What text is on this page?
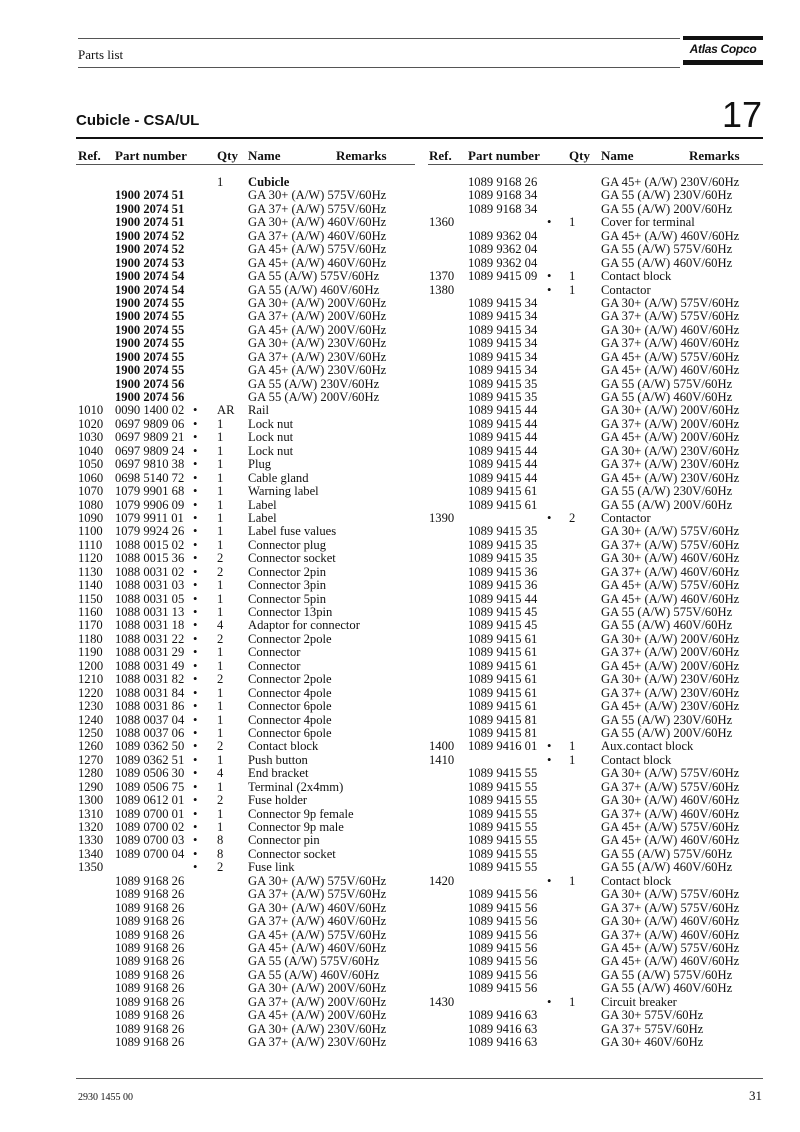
Parts list	Atlas Copco
Cubicle - CSA/UL	17
Ref. Part number Qty Name	Remarks	Ref. Part number Qty Name	Remarks
1 Cubicle
1900 2074 51	GA 30+ (A/W) 575V/60Hz
1900 2074 51	GA 37+ (A/W) 575V/60Hz
1900 2074 51	GA 30+ (A/W) 460V/60Hz
1900 2074 52	GA 37+ (A/W) 460V/60Hz
1900 2074 52	GA 45+ (A/W) 575V/60Hz
1900 2074 53	GA 45+ (A/W) 460V/60Hz
1900 2074 54	GA 55 (A/W) 575V/60Hz
1900 2074 54	GA 55 (A/W) 460V/60Hz
1900 2074 55	GA 30+ (A/W) 200V/60Hz
1900 2074 55	GA 37+ (A/W) 200V/60Hz
1900 2074 55	GA 45+ (A/W) 200V/60Hz
1900 2074 55	GA 30+ (A/W) 230V/60Hz
1900 2074 55	GA 37+ (A/W) 230V/60Hz
1900 2074 55	GA 45+ (A/W) 230V/60Hz
1900 2074 56	GA 55 (A/W) 230V/60Hz
1900 2074 56	GA 55 (A/W) 200V/60Hz
1010 0090 1400 02 • AR Rail
1020 0697 9809 06 • 1 Lock nut
1030 0697 9809 21 • 1 Lock nut
1040 0697 9809 24 • 1 Lock nut
1050 0697 9810 38 • 1 Plug
1060 0698 5140 72 • 1 Cable gland
1070 1079 9901 68 • 1 Warning label
1080 1079 9906 09 • 1 Label
1090 1079 9911 01 • 1 Label
1100 1079 9924 26 • 1 Label fuse values
1110 1088 0015 02 • 1 Connector plug
1120 1088 0015 36 • 2 Connector socket
1130 1088 0031 02 • 2 Connector 2pin
1140 1088 0031 03 • 1 Connector 3pin
1150 1088 0031 05 • 1 Connector 5pin
1160 1088 0031 13 • 1 Connector 13pin
1170 1088 0031 18 • 4 Adaptor for connector
1180 1088 0031 22 • 2 Connector 2pole
1190 1088 0031 29 • 1 Connector
1200 1088 0031 49 • 1 Connector
1210 1088 0031 82 • 2 Connector 2pole
1220 1088 0031 84 • 1 Connector 4pole
1230 1088 0031 86 • 1 Connector 6pole
1240 1088 0037 04 • 1 Connector 4pole
1250 1088 0037 06 • 1 Connector 6pole
1260 1089 0362 50 • 2 Contact block
1270 1089 0362 51 • 1 Push button
1280 1089 0506 30 • 4 End bracket
1290 1089 0506 75 • 1 Terminal (2x4mm)
1300 1089 0612 01 • 2 Fuse holder
1310 1089 0700 01 • 1 Connector 9p female
1320 1089 0700 02 • 1 Connector 9p male
1330 1089 0700 03 • 8 Connector pin
1340 1089 0700 04 • 8 Connector socket
1350	• 2 Fuse link
1089 9168 26	GA 30+ (A/W) 575V/60Hz
1089 9168 26	GA 37+ (A/W) 575V/60Hz
1089 9168 26	GA 30+ (A/W) 460V/60Hz
1089 9168 26	GA 37+ (A/W) 460V/60Hz
1089 9168 26	GA 45+ (A/W) 575V/60Hz
1089 9168 26	GA 45+ (A/W) 460V/60Hz
1089 9168 26	GA 55 (A/W) 575V/60Hz
1089 9168 26	GA 55 (A/W) 460V/60Hz
1089 9168 26	GA 30+ (A/W) 200V/60Hz
1089 9168 26	GA 37+ (A/W) 200V/60Hz
1089 9168 26	GA 45+ (A/W) 200V/60Hz
1089 9168 26	GA 30+ (A/W) 230V/60Hz
1089 9168 26	GA 37+ (A/W) 230V/60Hz
1089 9168 26	GA 45+ (A/W) 230V/60Hz
1089 9168 34	GA 55 (A/W) 230V/60Hz
1089 9168 34	GA 55 (A/W) 200V/60Hz
1360	• 1 Cover for terminal
1089 9362 04	GA 45+ (A/W) 460V/60Hz
1089 9362 04	GA 55 (A/W) 575V/60Hz
1089 9362 04	GA 55 (A/W) 460V/60Hz
1370 1089 9415 09 • 1 Contact block
1380	• 1 Contactor
1089 9415 34	GA 30+ (A/W) 575V/60Hz
1089 9415 34	GA 37+ (A/W) 575V/60Hz
1089 9415 34	GA 30+ (A/W) 460V/60Hz
1089 9415 34	GA 37+ (A/W) 460V/60Hz
1089 9415 34	GA 45+ (A/W) 575V/60Hz
1089 9415 34	GA 45+ (A/W) 460V/60Hz
1089 9415 35	GA 55 (A/W) 575V/60Hz
1089 9415 35	GA 55 (A/W) 460V/60Hz
1089 9415 44	GA 30+ (A/W) 200V/60Hz
1089 9415 44	GA 37+ (A/W) 200V/60Hz
1089 9415 44	GA 45+ (A/W) 200V/60Hz
1089 9415 44	GA 30+ (A/W) 230V/60Hz
1089 9415 44	GA 37+ (A/W) 230V/60Hz
1089 9415 44	GA 45+ (A/W) 230V/60Hz
1089 9415 61	GA 55 (A/W) 230V/60Hz
1089 9415 61	GA 55 (A/W) 200V/60Hz
1390	• 2 Contactor
1089 9415 35	GA 30+ (A/W) 575V/60Hz
1089 9415 35	GA 37+ (A/W) 575V/60Hz
1089 9415 35	GA 30+ (A/W) 460V/60Hz
1089 9415 36	GA 37+ (A/W) 460V/60Hz
1089 9415 36	GA 45+ (A/W) 575V/60Hz
1089 9415 44	GA 45+ (A/W) 460V/60Hz
1089 9415 45	GA 55 (A/W) 575V/60Hz
1089 9415 45	GA 55 (A/W) 460V/60Hz
1089 9415 61	GA 30+ (A/W) 200V/60Hz
1089 9415 61	GA 37+ (A/W) 200V/60Hz
1089 9415 61	GA 45+ (A/W) 200V/60Hz
1089 9415 61	GA 30+ (A/W) 230V/60Hz
1089 9415 61	GA 37+ (A/W) 230V/60Hz
1089 9415 61	GA 45+ (A/W) 230V/60Hz
1089 9415 81	GA 55 (A/W) 230V/60Hz
1089 9415 81	GA 55 (A/W) 200V/60Hz
1400 1089 9416 01 • 1 Aux.contact block
1410	• 1 Contact block
1089 9415 55	GA 30+ (A/W) 575V/60Hz
1089 9415 55	GA 37+ (A/W) 575V/60Hz
1089 9415 55	GA 30+ (A/W) 460V/60Hz
1089 9415 55	GA 37+ (A/W) 460V/60Hz
1089 9415 55	GA 45+ (A/W) 575V/60Hz
1089 9415 55	GA 45+ (A/W) 460V/60Hz
1089 9415 55	GA 55 (A/W) 575V/60Hz
1089 9415 55	GA 55 (A/W) 460V/60Hz
1420	• 1 Contact block
1089 9415 56	GA 30+ (A/W) 575V/60Hz
1089 9415 56	GA 37+ (A/W) 575V/60Hz
1089 9415 56	GA 30+ (A/W) 460V/60Hz
1089 9415 56	GA 37+ (A/W) 460V/60Hz
1089 9415 56	GA 45+ (A/W) 575V/60Hz
1089 9415 56	GA 45+ (A/W) 460V/60Hz
1089 9415 56	GA 55 (A/W) 575V/60Hz
1089 9415 56	GA 55 (A/W) 460V/60Hz
1430	• 1 Circuit breaker
1089 9416 63	GA 30+ 575V/60Hz
1089 9416 63	GA 37+ 575V/60Hz
1089 9416 63	GA 30+ 460V/60Hz
2930 1455 00	31
